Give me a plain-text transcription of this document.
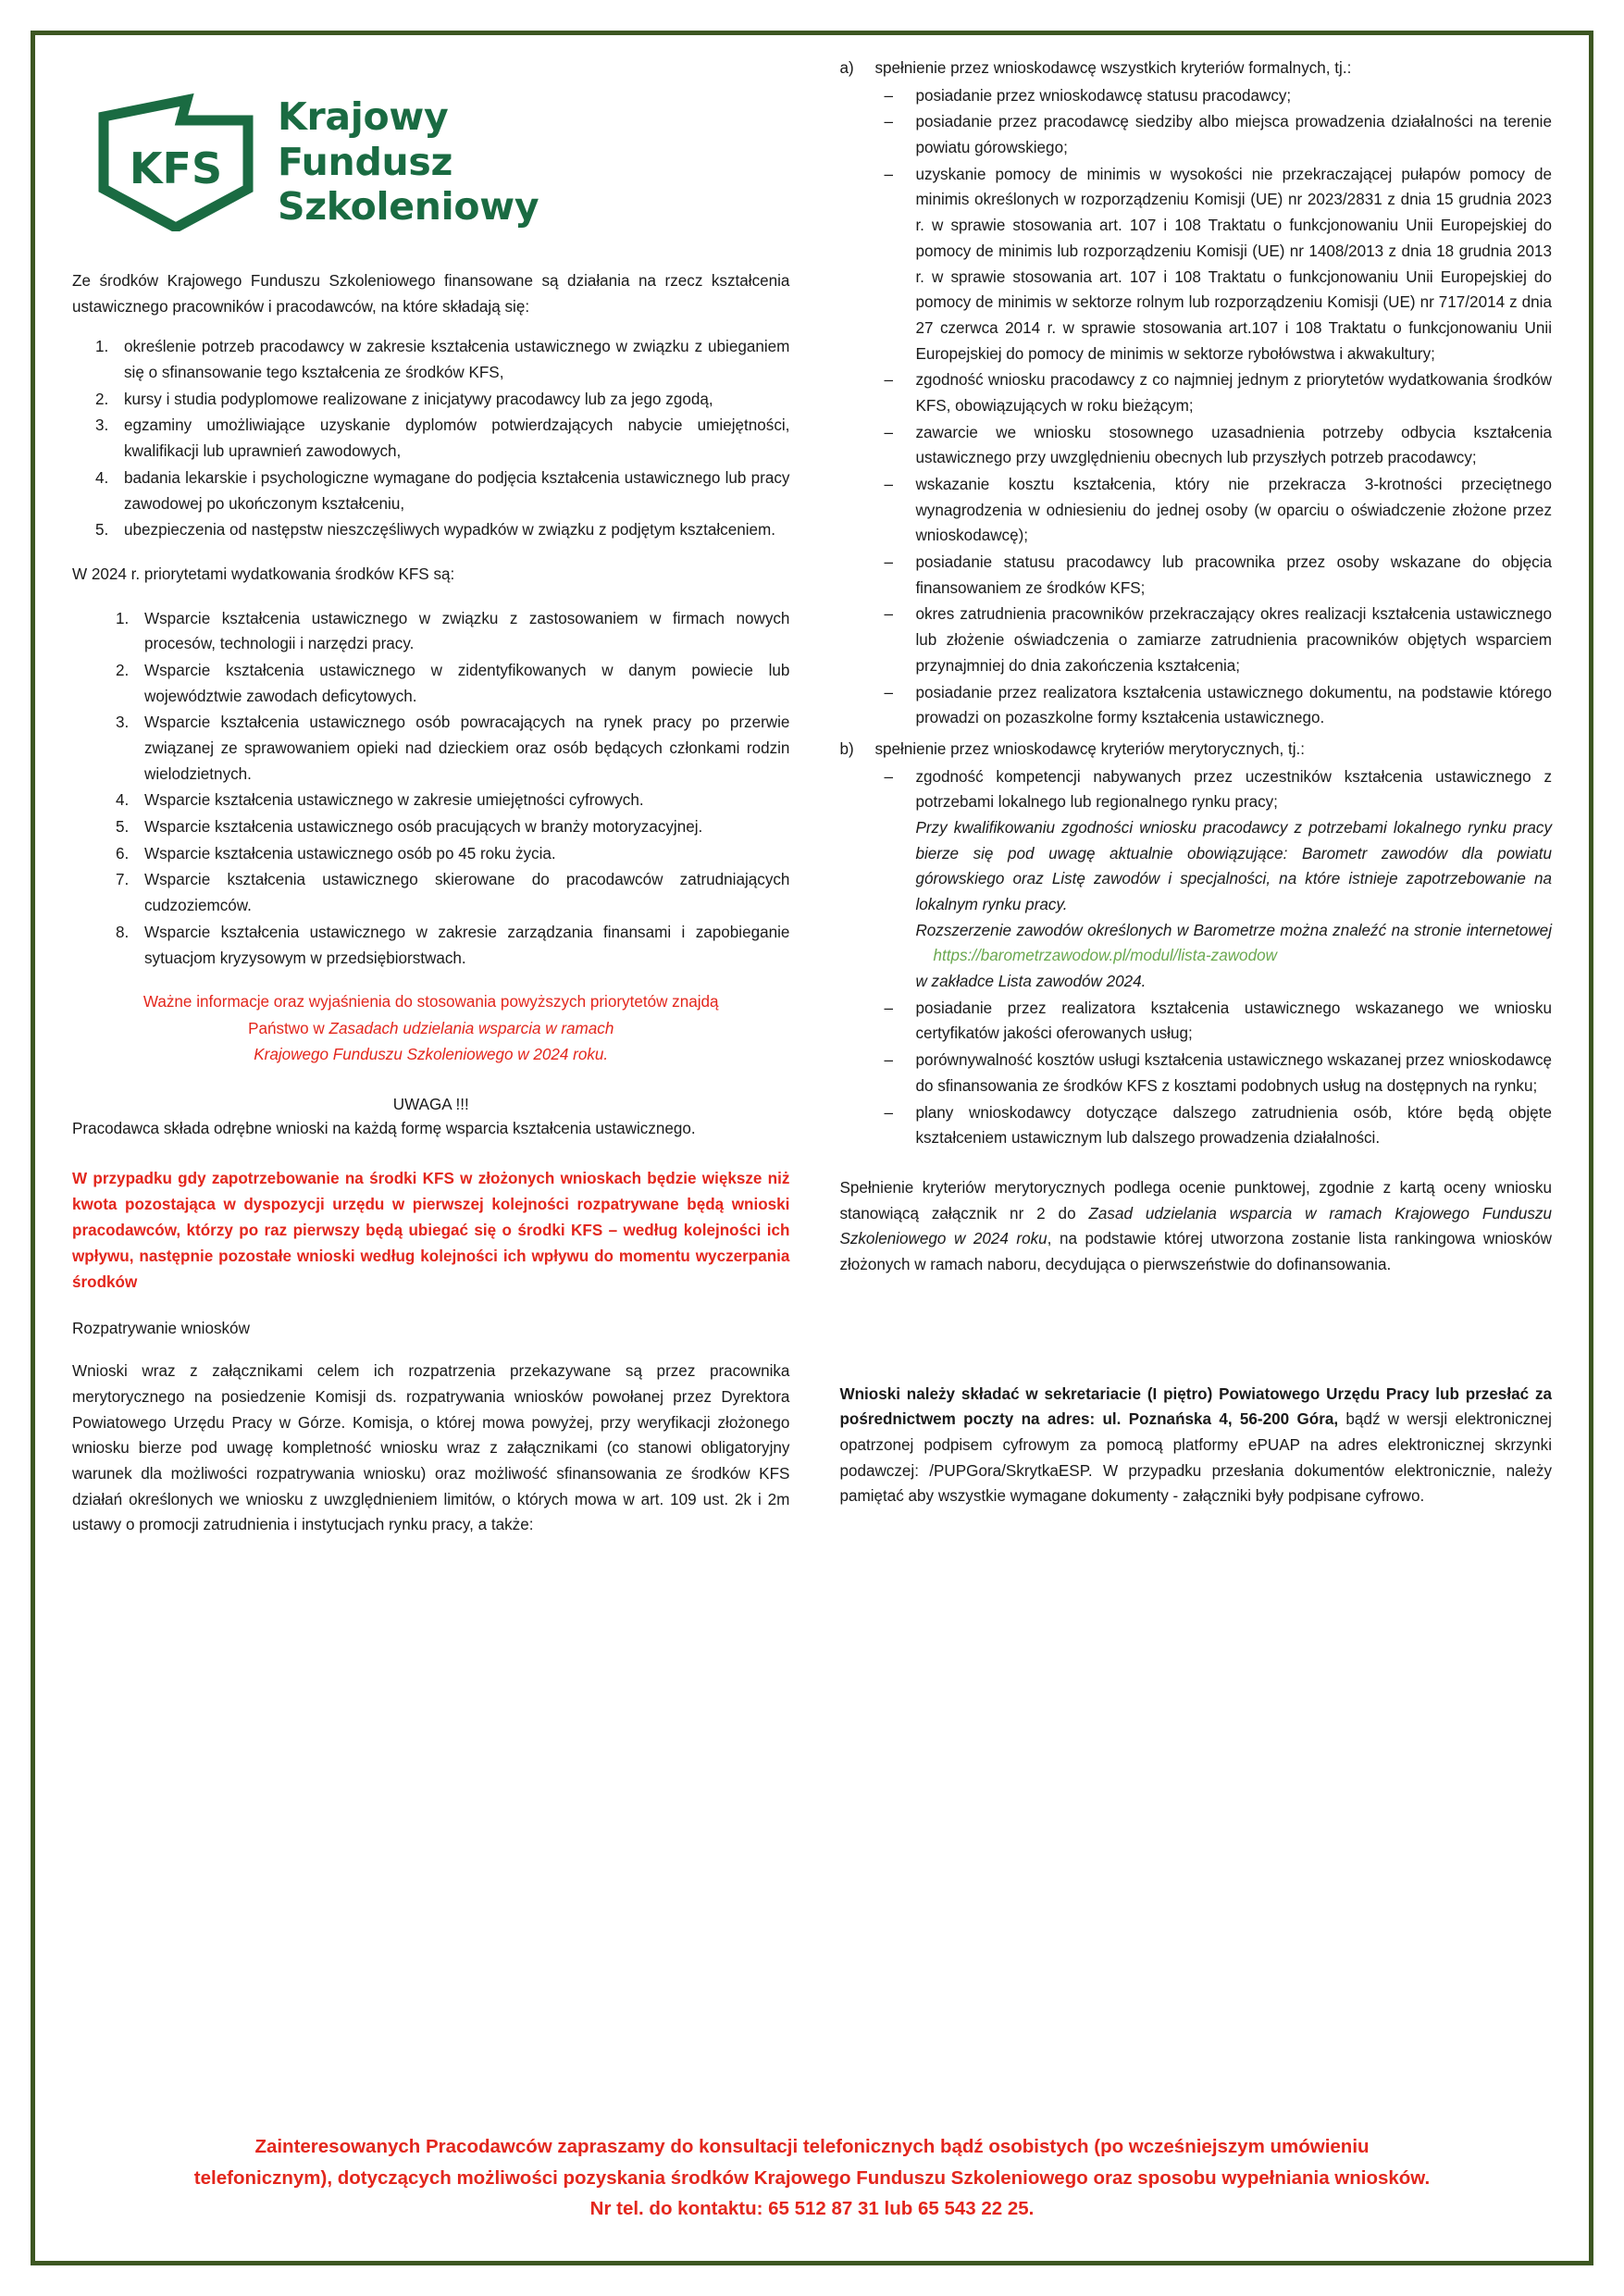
KFS
Krajowy
Fundusz
Szkoleniowy

Ze środków Krajowego Funduszu Szkoleniowego finansowane są działania na rzecz kształcenia ustawicznego pracowników i pracodawców, na które składają się:

1. określenie potrzeb pracodawcy w zakresie kształcenia ustawicznego w związku z ubieganiem się o sfinansowanie tego kształcenia ze środków KFS,
2. kursy i studia podyplomowe realizowane z inicjatywy pracodawcy lub za jego zgodą,
3. egzaminy umożliwiające uzyskanie dyplomów potwierdzających nabycie umiejętności, kwalifikacji lub uprawnień zawodowych,
4. badania lekarskie i psychologiczne wymagane do podjęcia kształcenia ustawicznego lub pracy zawodowej po ukończonym kształceniu,
5. ubezpieczenia od następstw nieszczęśliwych wypadków w związku z podjętym kształceniem.

W 2024 r. priorytetami wydatkowania środków KFS są:

1. Wsparcie kształcenia ustawicznego w związku z zastosowaniem w firmach nowych procesów, technologii i narzędzi pracy.
2. Wsparcie kształcenia ustawicznego w zidentyfikowanych w danym powiecie lub województwie zawodach deficytowych.
3. Wsparcie kształcenia ustawicznego osób powracających na rynek pracy po przerwie związanej ze sprawowaniem opieki nad dzieckiem oraz osób będących członkami rodzin wielodzietnych.
4. Wsparcie kształcenia ustawicznego w zakresie umiejętności cyfrowych.
5. Wsparcie kształcenia ustawicznego osób pracujących w branży motoryzacyjnej.
6. Wsparcie kształcenia ustawicznego osób po 45 roku życia.
7. Wsparcie kształcenia ustawicznego skierowane do pracodawców zatrudniających cudzoziemców.
8. Wsparcie kształcenia ustawicznego w zakresie zarządzania finansami i zapobieganie sytuacjom kryzysowym w przedsiębiorstwach.
Ważne informacje oraz wyjaśnienia do stosowania powyższych priorytetów znajdą
Państwo w Zasadach udzielania wsparcia w ramach
Krajowego Funduszu Szkoleniowego w 2024 roku.

UWAGA !!!

Pracodawca składa odrębne wnioski na każdą formę wsparcia kształcenia ustawicznego.

W przypadku gdy zapotrzebowanie na środki KFS w złożonych wnioskach będzie większe niż kwota pozostająca w dyspozycji urzędu w pierwszej kolejności rozpatrywane będą wnioski pracodawców, którzy po raz pierwszy będą ubiegać się o środki KFS – według kolejności ich wpływu, następnie pozostałe wnioski według kolejności ich wpływu do momentu wyczerpania środków

Rozpatrywanie wniosków

Wnioski wraz z załącznikami celem ich rozpatrzenia przekazywane są przez pracownika merytorycznego na posiedzenie Komisji ds. rozpatrywania wniosków powołanej przez Dyrektora Powiatowego Urzędu Pracy w Górze. Komisja, o której mowa powyżej, przy weryfikacji złożonego wniosku bierze pod uwagę kompletność wniosku wraz z załącznikami (co stanowi obligatoryjny warunek dla możliwości rozpatrywania wniosku) oraz możliwość sfinansowania ze środków KFS działań określonych we wniosku z uwzględnieniem limitów, o których mowa w art. 109 ust. 2k i 2m ustawy o promocji zatrudnienia i instytucjach rynku pracy, a także:

a)	spełnienie przez wnioskodawcę wszystkich kryteriów formalnych, tj.:
– posiadanie przez wnioskodawcę statusu pracodawcy;
– posiadanie przez pracodawcę siedziby albo miejsca prowadzenia działalności na terenie powiatu górowskiego;
– uzyskanie pomocy de minimis w wysokości nie przekraczającej pułapów pomocy de minimis określonych w rozporządzeniu Komisji (UE) nr 2023/2831 z dnia 15 grudnia 2023 r. w sprawie stosowania art. 107 i 108 Traktatu o funkcjonowaniu Unii Europejskiej do pomocy de minimis lub rozporządzeniu Komisji (UE) nr 1408/2013 z dnia 18 grudnia 2013 r. w sprawie stosowania art. 107 i 108 Traktatu o funkcjonowaniu Unii Europejskiej do pomocy de minimis w sektorze rolnym lub rozporządzeniu Komisji (UE) nr 717/2014 z dnia 27 czerwca 2014 r. w sprawie stosowania art.107 i 108 Traktatu o funkcjonowaniu Unii Europejskiej do pomocy de minimis w sektorze rybołówstwa i akwakultury;
– zgodność wniosku pracodawcy z co najmniej jednym z priorytetów wydatkowania środków KFS, obowiązujących w roku bieżącym;
– zawarcie we wniosku stosownego uzasadnienia potrzeby odbycia kształcenia ustawicznego przy uwzględnieniu obecnych lub przyszłych potrzeb pracodawcy;
– wskazanie kosztu kształcenia, który nie przekracza 3-krotności przeciętnego wynagrodzenia w odniesieniu do jednej osoby (w oparciu o oświadczenie złożone przez wnioskodawcę);
– posiadanie statusu pracodawcy lub pracownika przez osoby wskazane do objęcia finansowaniem ze środków KFS;
– okres zatrudnienia pracowników przekraczający okres realizacji kształcenia ustawicznego lub złożenie oświadczenia o zamiarze zatrudnienia pracowników objętych wsparciem przynajmniej do dnia zakończenia kształcenia;
– posiadanie przez realizatora kształcenia ustawicznego dokumentu, na podstawie którego prowadzi on pozaszkolne formy kształcenia ustawicznego.
b)	spełnienie przez wnioskodawcę kryteriów merytorycznych, tj.:
– zgodność kompetencji nabywanych przez uczestników kształcenia ustawicznego z potrzebami lokalnego lub regionalnego rynku pracy;
Przy kwalifikowaniu zgodności wniosku pracodawcy z potrzebami lokalnego rynku pracy bierze się pod uwagę aktualnie obowiązujące: Barometr zawodów dla powiatu górowskiego oraz Listę zawodów i specjalności, na które istnieje zapotrzebowanie na lokalnym rynku pracy.
Rozszerzenie zawodów określonych w Barometrze można znaleźć na stronie internetowej     https://barometrzawodow.pl/modul/lista-zawodow
w zakładce Lista zawodów 2024.
– posiadanie przez realizatora kształcenia ustawicznego wskazanego we wniosku certyfikatów jakości oferowanych usług;
– porównywalność kosztów usługi kształcenia ustawicznego wskazanej przez wnioskodawcę do sfinansowania ze środków KFS z kosztami podobnych usług na dostępnych na rynku;
– plany wnioskodawcy dotyczące dalszego zatrudnienia osób, które będą objęte kształceniem ustawicznym lub dalszego prowadzenia działalności.

Spełnienie kryteriów merytorycznych podlega ocenie punktowej, zgodnie z kartą oceny wniosku stanowiącą załącznik nr 2 do Zasad udzielania wsparcia w ramach Krajowego Funduszu Szkoleniowego w 2024 roku, na podstawie której utworzona zostanie lista rankingowa wniosków złożonych w ramach naboru, decydująca o pierwszeństwie do dofinansowania.

Wnioski należy składać w sekretariacie (I piętro) Powiatowego Urzędu Pracy lub przesłać za pośrednictwem poczty na adres: ul. Poznańska 4, 56-200 Góra, bądź w wersji elektronicznej opatrzonej podpisem cyfrowym za pomocą platformy ePUAP na adres elektronicznej skrzynki podawczej: /PUPGora/SkrytkaESP. W przypadku przesłania dokumentów elektronicznie, należy pamiętać aby wszystkie wymagane dokumenty - załączniki były podpisane cyfrowo.

Zainteresowanych Pracodawców zapraszamy do konsultacji telefonicznych bądź osobistych (po wcześniejszym umówieniu
telefonicznym), dotyczących możliwości pozyskania środków Krajowego Funduszu Szkoleniowego oraz sposobu wypełniania wniosków.
Nr tel. do kontaktu: 65 512 87 31 lub 65 543 22 25.
